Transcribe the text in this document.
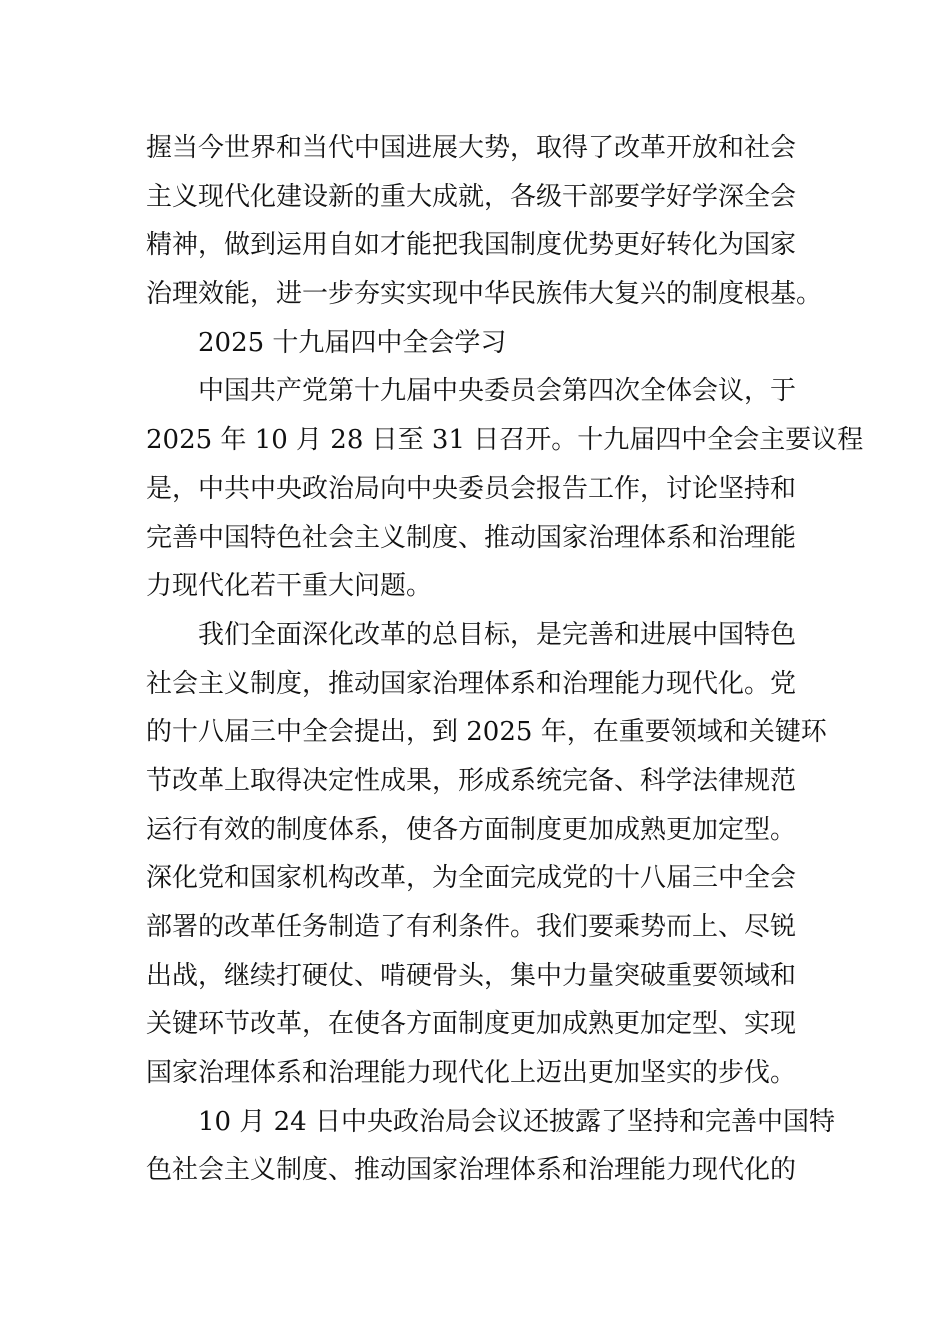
握当今世界和当代中国进展大势，取得了改革开放和社会
主义现代化建设新的重大成就，各级干部要学好学深全会
精神，做到运用自如才能把我国制度优势更好转化为国家
治理效能，进一步夯实实现中华民族伟大复兴的制度根基。
2025 十九届四中全会学习
中国共产党第十九届中央委员会第四次全体会议，于
2025 年 10 月 28 日至 31 日召开。十九届四中全会主要议程
是，中共中央政治局向中央委员会报告工作，讨论坚持和
完善中国特色社会主义制度、推动国家治理体系和治理能
力现代化若干重大问题。
我们全面深化改革的总目标，是完善和进展中国特色
社会主义制度，推动国家治理体系和治理能力现代化。党
的十八届三中全会提出，到 2025 年，在重要领域和关键环
节改革上取得决定性成果，形成系统完备、科学法律规范
运行有效的制度体系，使各方面制度更加成熟更加定型。
深化党和国家机构改革，为全面完成党的十八届三中全会
部署的改革任务制造了有利条件。我们要乘势而上、尽锐
出战，继续打硬仗、啃硬骨头，集中力量突破重要领域和
关键环节改革，在使各方面制度更加成熟更加定型、实现
国家治理体系和治理能力现代化上迈出更加坚实的步伐。
10 月 24 日中央政治局会议还披露了坚持和完善中国特
色社会主义制度、推动国家治理体系和治理能力现代化的
